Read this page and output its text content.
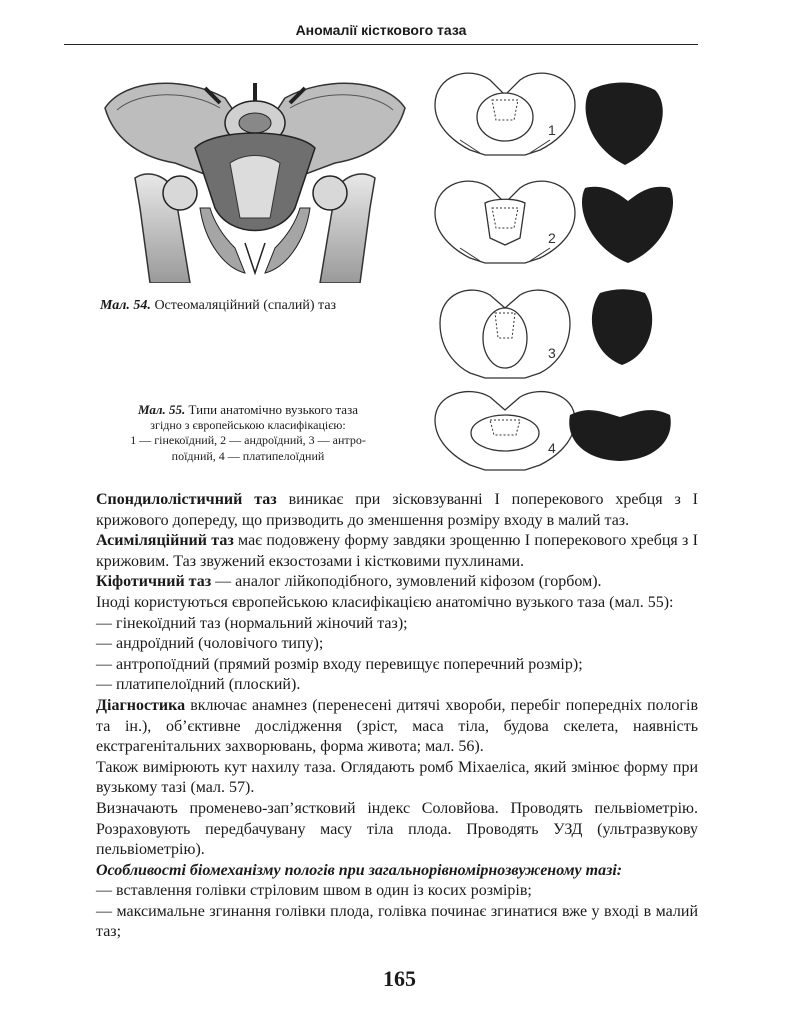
Аномалії кісткового таза
Мал. 54. Остеомаляційний (спалий) таз
Мал. 55. Типи анатомічно вузького таза
згідно з європейською класифікацією:
1 — гінекоїдний, 2 — андроїдний, 3 — антро-
поїдний, 4 — платипелоїдний
1
2
3
4

Спондилолістичний таз виникає при зісковзуванні I поперекового хребця з I крижового допереду, що призводить до зменшення розміру входу в малий таз.

Асиміляційний таз має подовжену форму завдяки зрощенню I поперекового хребця з I крижовим. Таз звужений екзостозами і кістковими пухлинами.

Кіфотичний таз — аналог лійкоподібного, зумовлений кіфозом (горбом).

Іноді користуються європейською класифікацією анатомічно вузького таза (мал. 55):

— гінекоїдний таз (нормальний жіночий таз);

— андроїдний (чоловічого типу);

— антропоїдний (прямий розмір входу перевищує поперечний розмір);

— платипелоїдний (плоский).

Діагностика включає анамнез (перенесені дитячі хвороби, перебіг попередніх пологів та ін.), об’єктивне дослідження (зріст, маса тіла, будова скелета, наявність екстрагенітальних захворювань, форма живота; мал. 56).

Також вимірюють кут нахилу таза. Оглядають ромб Міхаеліса, який змінює форму при вузькому тазі (мал. 57).

Визначають променево-зап’ястковий індекс Соловйова. Проводять пельвіометрію. Розраховують передбачувану масу тіла плода. Проводять УЗД (ультразвукову пельвіометрію).

Особливості біомеханізму пологів при загальнорівномірнозвуженому тазі:

— вставлення голівки стріловим швом в один із косих розмірів;

— максимальне згинання голівки плода, голівка починає згинатися вже у вході в малий таз;

165
